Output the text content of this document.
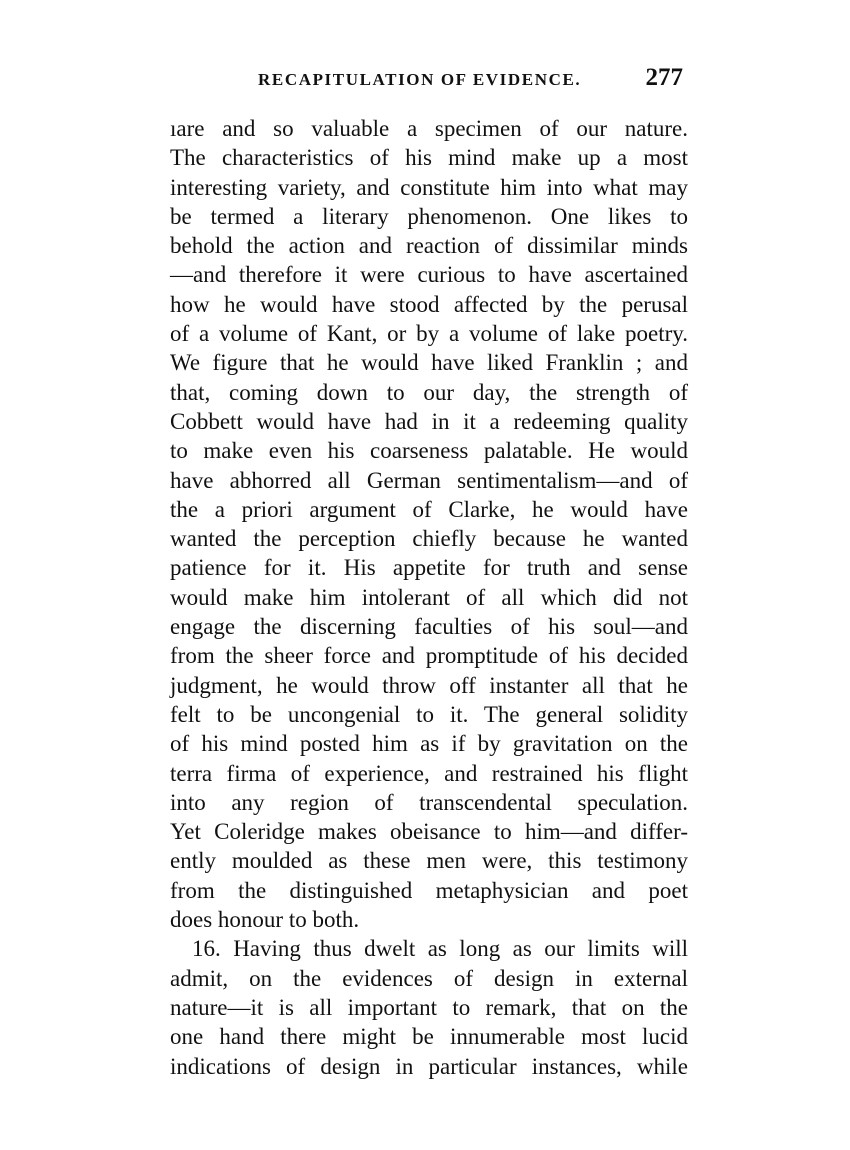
RECAPITULATION OF EVIDENCE.	277
ıare and so valuable a specimen of our nature.
The characteristics of his mind make up a most
interesting variety, and constitute him into what may
be termed a literary phenomenon. One likes to
behold the action and reaction of dissimilar minds
—and therefore it were curious to have ascertained
how he would have stood affected by the perusal
of a volume of Kant, or by a volume of lake poetry.
We figure that he would have liked Franklin ; and
that, coming down to our day, the strength of
Cobbett would have had in it a redeeming quality
to make even his coarseness palatable. He would
have abhorred all German sentimentalism—and of
the a priori argument of Clarke, he would have
wanted the perception chiefly because he wanted
patience for it. His appetite for truth and sense
would make him intolerant of all which did not
engage the discerning faculties of his soul—and
from the sheer force and promptitude of his decided
judgment, he would throw off instanter all that he
felt to be uncongenial to it. The general solidity
of his mind posted him as if by gravitation on the
terra firma of experience, and restrained his flight
into any region of transcendental speculation.
Yet Coleridge makes obeisance to him—and differ-
ently moulded as these men were, this testimony
from the distinguished metaphysician and poet
does honour to both.
16. Having thus dwelt as long as our limits will
admit, on the evidences of design in external
nature—it is all important to remark, that on the
one hand there might be innumerable most lucid
indications of design in particular instances, while
